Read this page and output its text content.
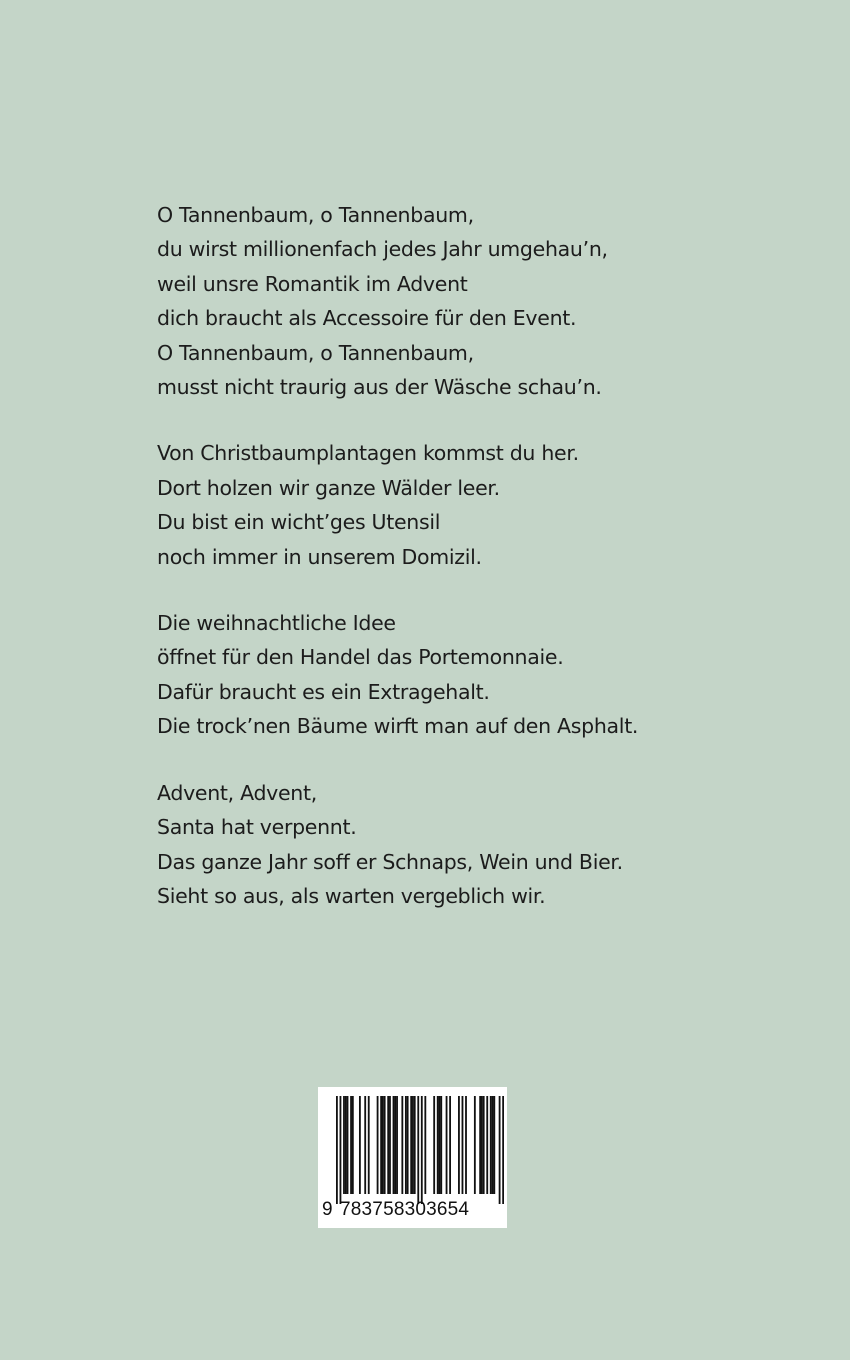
O Tannenbaum, o Tannenbaum,
du wirst millionenfach jedes Jahr umgehau’n,
weil unsre Romantik im Advent
dich braucht als Accessoire für den Event.
O Tannenbaum, o Tannenbaum,
musst nicht traurig aus der Wäsche schau’n.
Von Christbaumplantagen kommst du her.
Dort holzen wir ganze Wälder leer.
Du bist ein wicht’ges Utensil
noch immer in unserem Domizil.
Die weihnachtliche Idee
öffnet für den Handel das Portemonnaie.
Dafür braucht es ein Extragehalt.
Die trock’nen Bäume wirft man auf den Asphalt.
Advent, Advent,
Santa hat verpennt.
Das ganze Jahr soff er Schnaps, Wein und Bier.
Sieht so aus, als warten vergeblich wir.
9 783758303654
